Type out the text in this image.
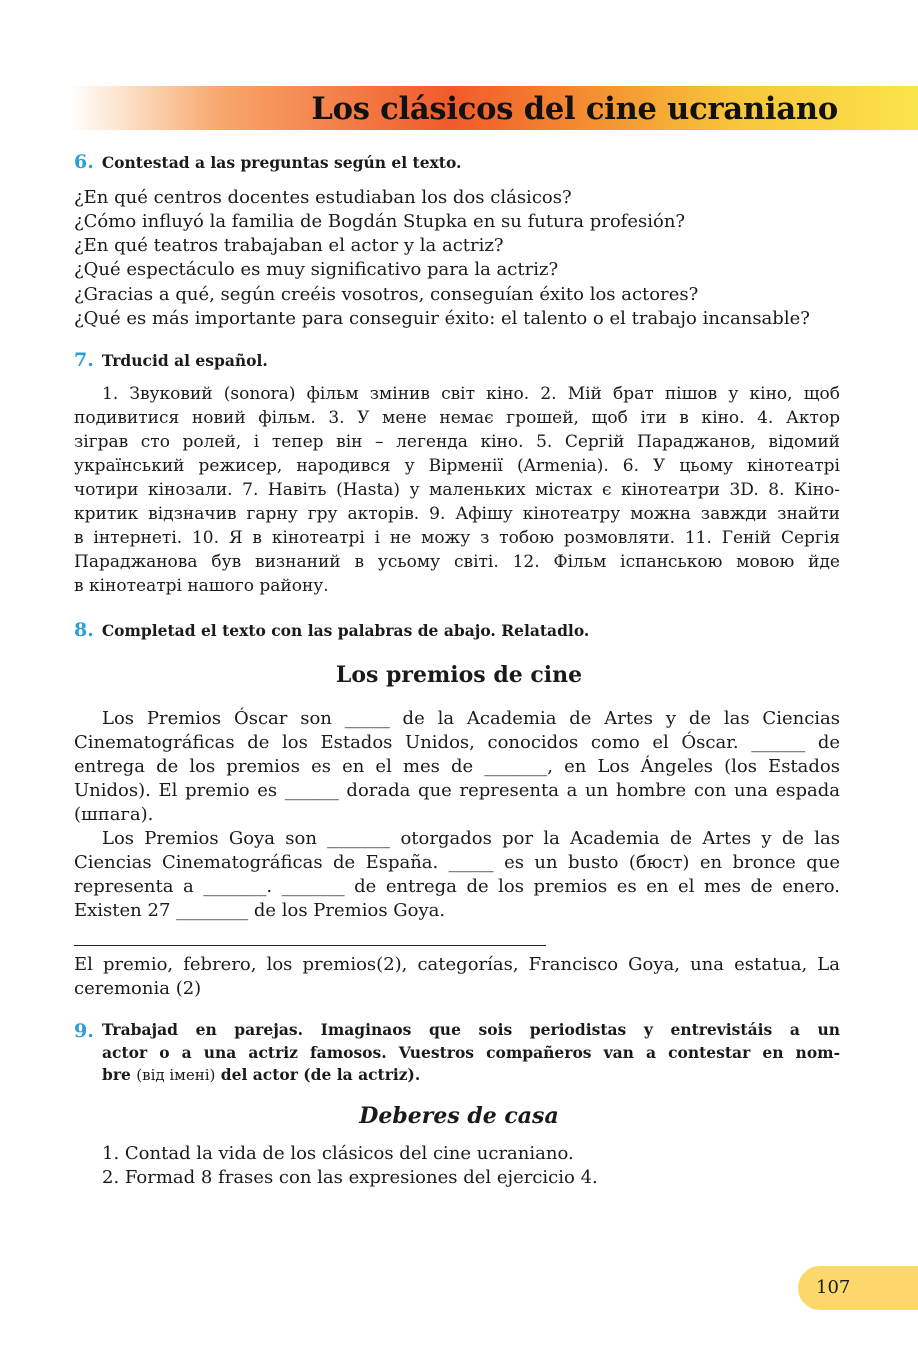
Los clásicos del cine ucraniano
6. Contestad a las preguntas según el texto.
¿En qué centros docentes estudiaban los dos clásicos?
¿Cómo influyó la familia de Bogdán Stupka en su futura profesión?
¿En qué teatros trabajaban el actor y la actriz?
¿Qué espectáculo es muy significativo para la actriz?
¿Gracias a qué, según creéis vosotros, conseguían éxito los actores?
¿Qué es más importante para conseguir éxito: el talento o el trabajo incansable?
7. Trducid al español.
1. Звуковий (sonora) фільм змінив світ кіно. 2. Мій брат пішов у кіно, щоб
подивитися новий фільм. 3. У мене немає грошей, щоб іти в кіно. 4. Актор
зіграв сто ролей, і тепер він – легенда кіно. 5. Сергій Параджанов, відомий
український режисер, народився у Вірменії (Armenia). 6. У цьому кінотеатрі
чотири кінозали. 7. Навіть (Hasta) у маленьких містах є кінотеатри 3D. 8. Кіно-
критик відзначив гарну гру акторів. 9. Афішу кінотеатру можна завжди знайти
в інтернеті. 10. Я в кінотеатрі і не можу з тобою розмовляти. 11. Геній Сергія
Параджанова був визнаний в усьому світі. 12. Фільм іспанською мовою йде
в кінотеатрі нашого району.
8. Completad el texto con las palabras de abajo. Relatadlo.
Los premios de cine
Los Premios Óscar son _____ de la Academia de Artes y de las Ciencias
Cinematográficas de los Estados Unidos, conocidos como el Óscar. ______ de
entrega de los premios es en el mes de _______, en Los Ángeles (los Estados
Unidos). El premio es ______ dorada que representa a un hombre con una espada
(шпага).
Los Premios Goya son _______ otorgados por la Academia de Artes y de las
Ciencias Cinematográficas de España. _____ es un busto (бюст) en bronce que
representa a _______. _______ de entrega de los premios es en el mes de enero.
Existen 27 ________ de los Premios Goya.
El premio, febrero, los premios(2), categorías, Francisco Goya, una estatua, La
ceremonia (2)
9. Trabajad en parejas. Imaginaos que sois periodistas y entrevistáis a un
actor o a una actriz famosos. Vuestros compañeros van a contestar en nom-
bre (від імені) del actor (de la actriz).
Deberes de casa
1. Contad la vida de los clásicos del cine ucraniano.
2. Formad 8 frases con las expresiones del ejercicio 4.
107
